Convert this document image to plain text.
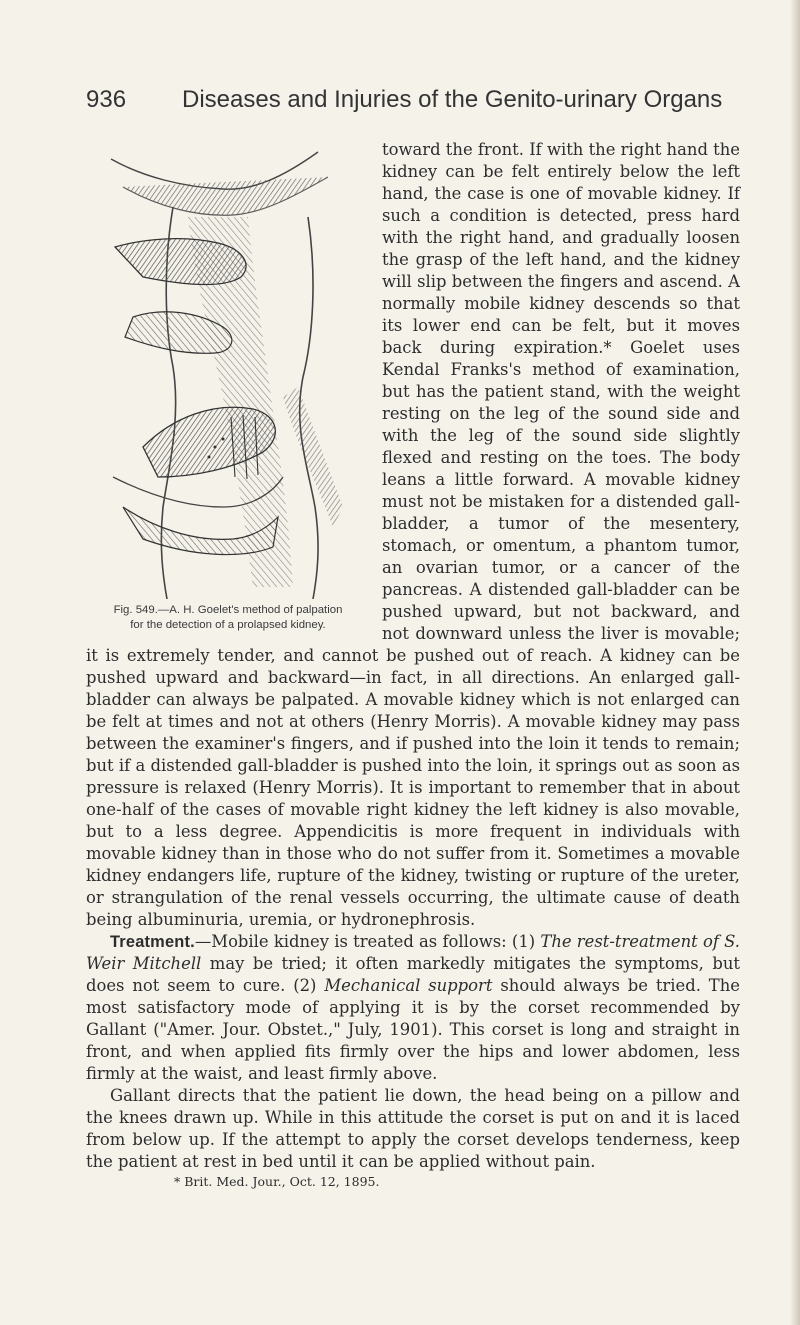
936 Diseases and Injuries of the Genito-urinary Organs
Fig. 549.—A. H. Goelet's method of palpation
for the detection of a prolapsed kidney.

toward the front. If with the right hand the kidney can be felt entirely below the left hand, the case is one of movable kidney. If such a condition is detected, press hard with the right hand, and gradually loosen the grasp of the left hand, and the kidney will slip between the fingers and ascend. A normally mobile kidney descends so that its lower end can be felt, but it moves back during expiration.* Goelet uses Kendal Franks's method of examination, but has the patient stand, with the weight resting on the leg of the sound side and with the leg of the sound side slightly flexed and resting on the toes. The body leans a little forward. A movable kidney must not be mistaken for a distended gall-bladder, a tumor of the mesentery, stomach, or omentum, a phantom tumor, an ovarian tumor, or a cancer of the pancreas. A distended gall-bladder can be pushed upward, but not backward, and not downward unless the liver is movable; it is extremely tender, and cannot be pushed out of reach. A kidney can be pushed upward and backward—in fact, in all directions. An enlarged gall-bladder can always be palpated. A movable kidney which is not enlarged can be felt at times and not at others (Henry Morris). A movable kidney may pass between the examiner's fingers, and if pushed into the loin it tends to remain; but if a distended gall-bladder is pushed into the loin, it springs out as soon as pressure is relaxed (Henry Morris). It is important to remember that in about one-half of the cases of movable right kidney the left kidney is also movable, but to a less degree. Appendicitis is more frequent in individuals with movable kidney than in those who do not suffer from it. Sometimes a movable kidney endangers life, rupture of the kidney, twisting or rupture of the ureter, or strangulation of the renal vessels occurring, the ultimate cause of death being albuminuria, uremia, or hydronephrosis.

Treatment.—Mobile kidney is treated as follows: (1) The rest-treatment of S. Weir Mitchell may be tried; it often markedly mitigates the symptoms, but does not seem to cure. (2) Mechanical support should always be tried. The most satisfactory mode of applying it is by the corset recommended by Gallant ("Amer. Jour. Obstet.," July, 1901). This corset is long and straight in front, and when applied fits firmly over the hips and lower abdomen, less firmly at the waist, and least firmly above.

Gallant directs that the patient lie down, the head being on a pillow and the knees drawn up. While in this attitude the corset is put on and it is laced from below up. If the attempt to apply the corset develops tenderness, keep the patient at rest in bed until it can be applied without pain.

* Brit. Med. Jour., Oct. 12, 1895.
